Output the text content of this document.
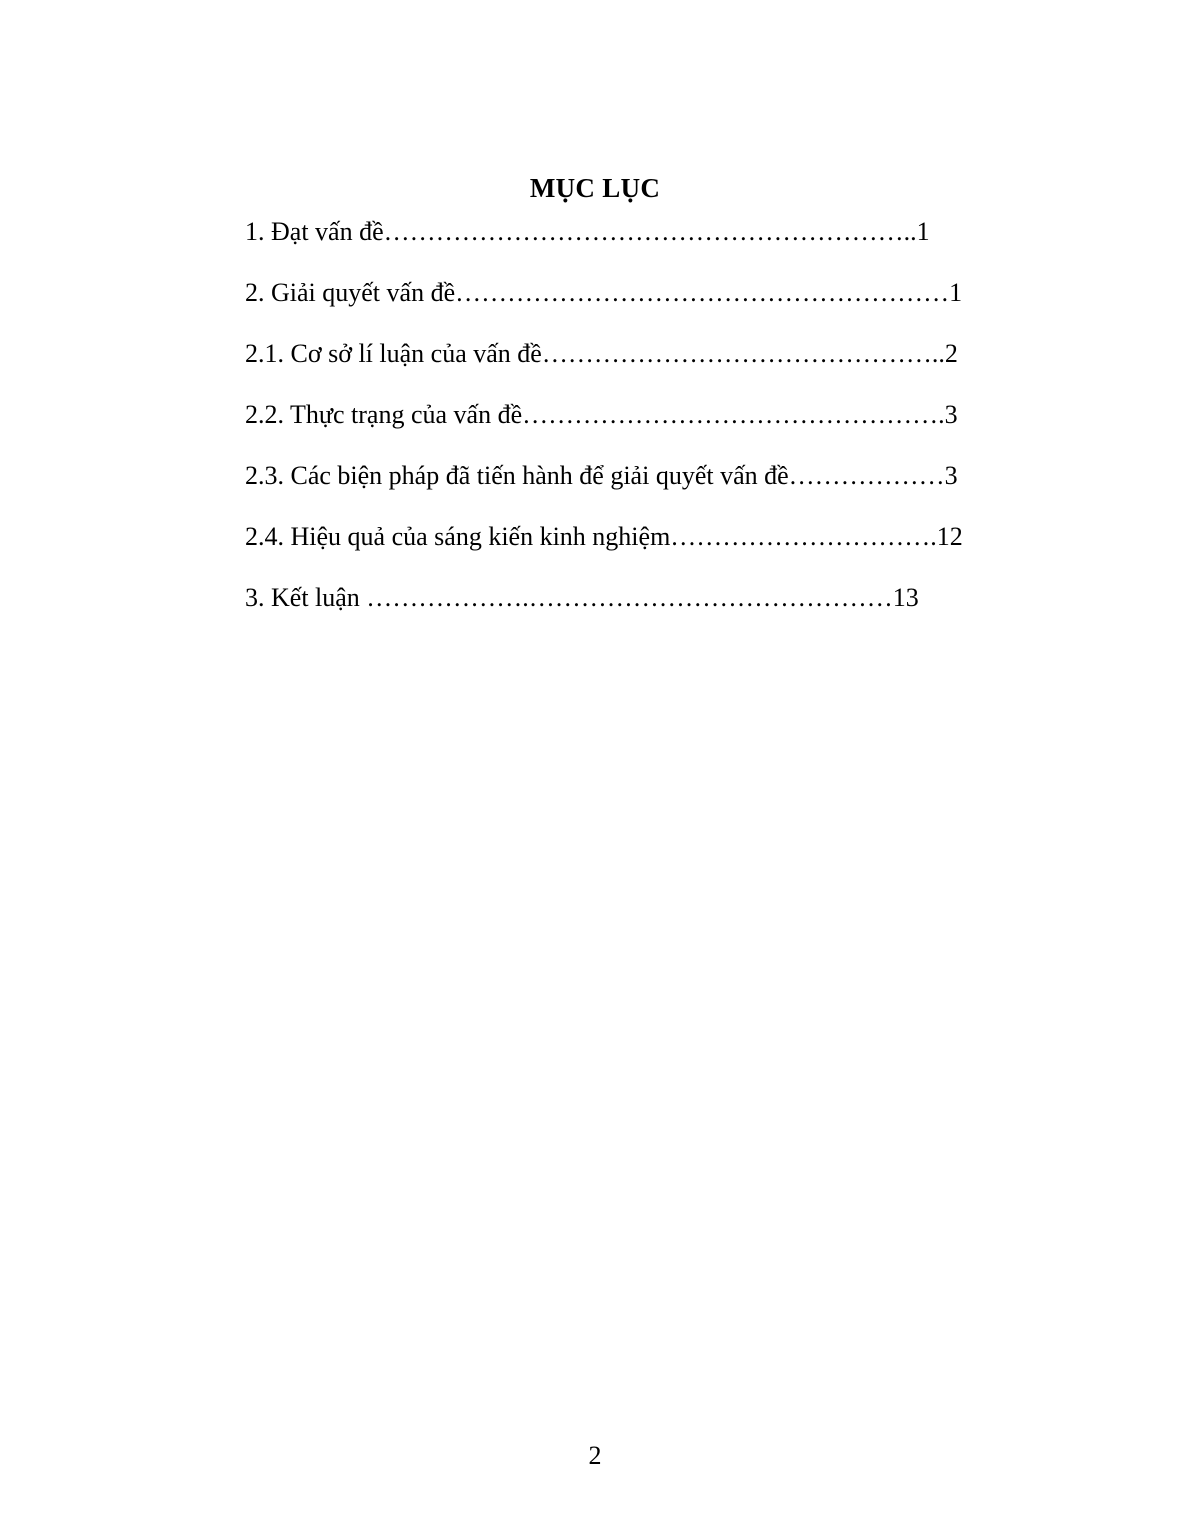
MỤC LỤC
1. Đạt vấn đề……………………………………………………..1
2. Giải quyết vấn đề…………………………………………………1
2.1. Cơ sở lí luận của vấn đề………………………………………..2
2.2. Thực trạng của vấn đề………………………………………….3
2.3. Các biện pháp đã tiến hành để giải quyết vấn đề………………3
2.4. Hiệu quả của sáng kiến kinh nghiệm………………………….12
3. Kết luận ……………….……………………………………13
2
